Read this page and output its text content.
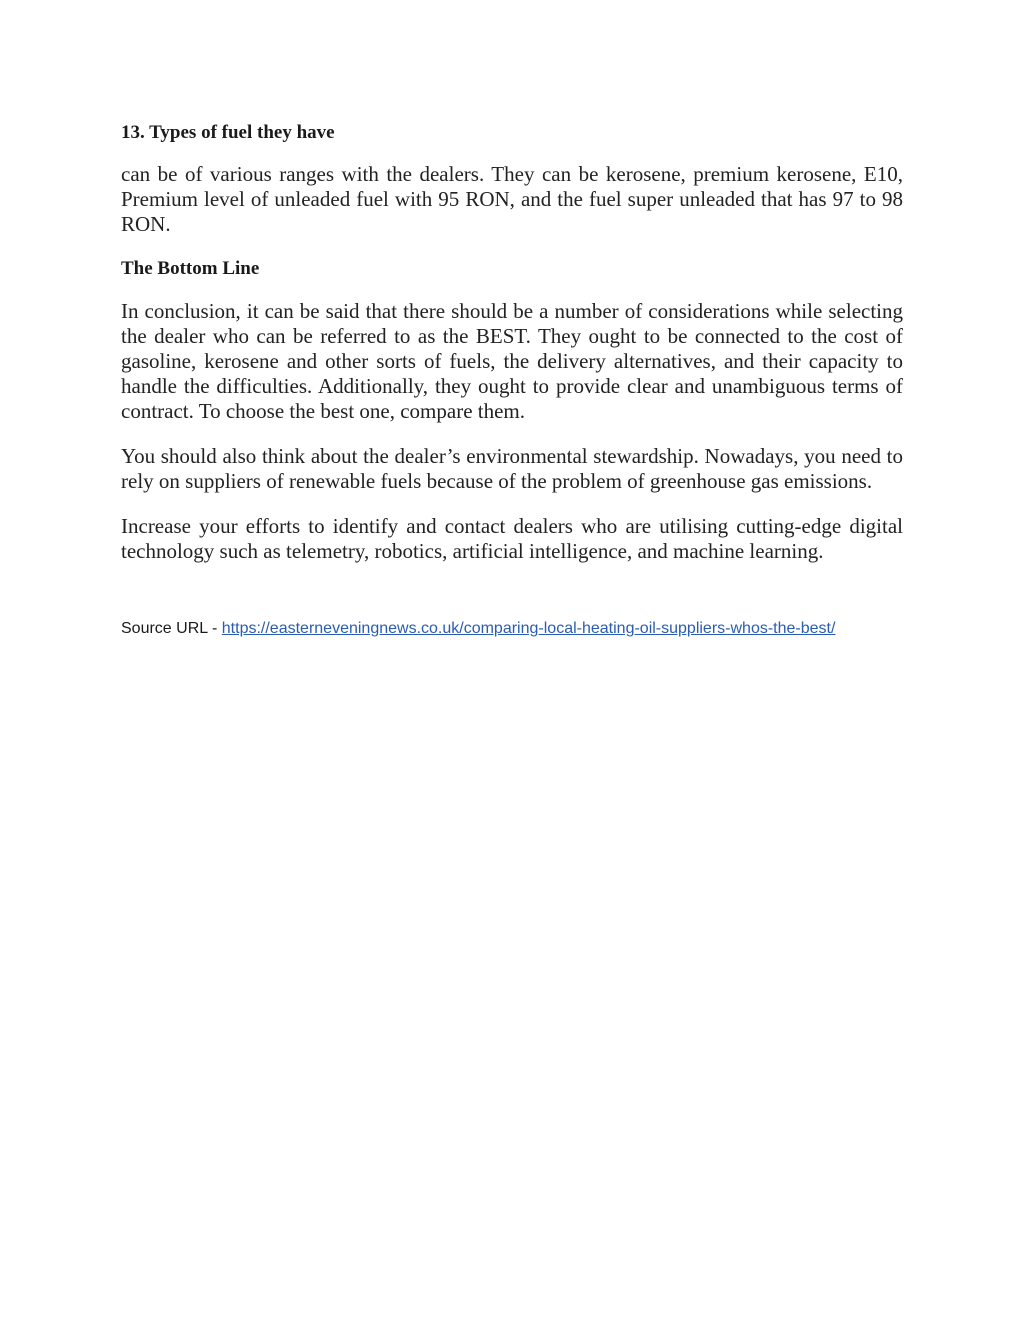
13. Types of fuel they have

can be of various ranges with the dealers. They can be kerosene, premium kerosene, E10, Premium level of unleaded fuel with 95 RON, and the fuel super unleaded that has 97 to 98 RON.

The Bottom Line

In conclusion, it can be said that there should be a number of considerations while selecting the dealer who can be referred to as the BEST. They ought to be connected to the cost of gasoline, kerosene and other sorts of fuels, the delivery alternatives, and their capacity to handle the difficulties. Additionally, they ought to provide clear and unambiguous terms of contract. To choose the best one, compare them.

You should also think about the dealer’s environmental stewardship. Nowadays, you need to rely on suppliers of renewable fuels because of the problem of greenhouse gas emissions.

Increase your efforts to identify and contact dealers who are utilising cutting-edge digital technology such as telemetry, robotics, artificial intelligence, and machine learning.

Source URL - https://easterneveningnews.co.uk/comparing-local-heating-oil-suppliers-whos-the-best/
